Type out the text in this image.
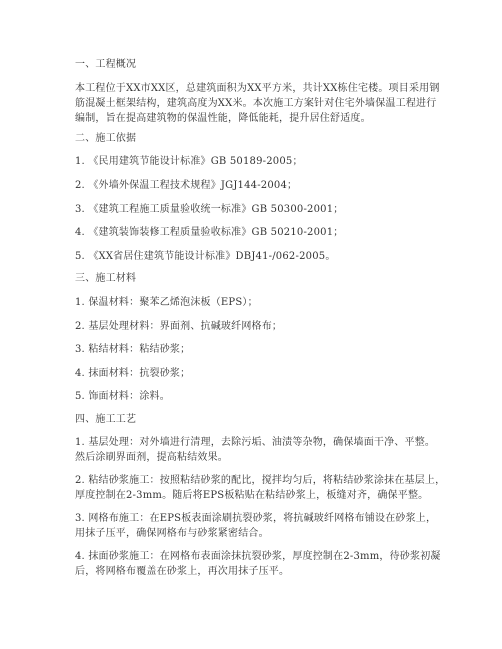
一、工程概况
本工程位于XX市XX区，总建筑面积为XX平方米，共计XX栋住宅楼。项目采用钢
筋混凝土框架结构，建筑高度为XX米。本次施工方案针对住宅外墙保温工程进行
编制，旨在提高建筑物的保温性能，降低能耗，提升居住舒适度。
二、施工依据
1. 《民用建筑节能设计标准》GB 50189-2005；
2. 《外墙外保温工程技术规程》JGJ144-2004；
3. 《建筑工程施工质量验收统一标准》GB 50300-2001；
4. 《建筑装饰装修工程质量验收标准》GB 50210-2001；
5. 《XX省居住建筑节能设计标准》DBJ41-/062-2005。
三、施工材料
1. 保温材料：聚苯乙烯泡沫板（EPS）；
2. 基层处理材料：界面剂、抗碱玻纤网格布；
3. 粘结材料：粘结砂浆；
4. 抹面材料：抗裂砂浆；
5. 饰面材料：涂料。
四、施工工艺
1. 基层处理：对外墙进行清理，去除污垢、油渍等杂物，确保墙面干净、平整。
然后涂刷界面剂，提高粘结效果。
2. 粘结砂浆施工：按照粘结砂浆的配比，搅拌均匀后，将粘结砂浆涂抹在基层上，
厚度控制在2-3mm。随后将EPS板粘贴在粘结砂浆上，板缝对齐，确保平整。
3. 网格布施工：在EPS板表面涂刷抗裂砂浆，将抗碱玻纤网格布铺设在砂浆上，
用抹子压平，确保网格布与砂浆紧密结合。
4. 抹面砂浆施工：在网格布表面涂抹抗裂砂浆，厚度控制在2-3mm，待砂浆初凝
后，将网格布覆盖在砂浆上，再次用抹子压平。
